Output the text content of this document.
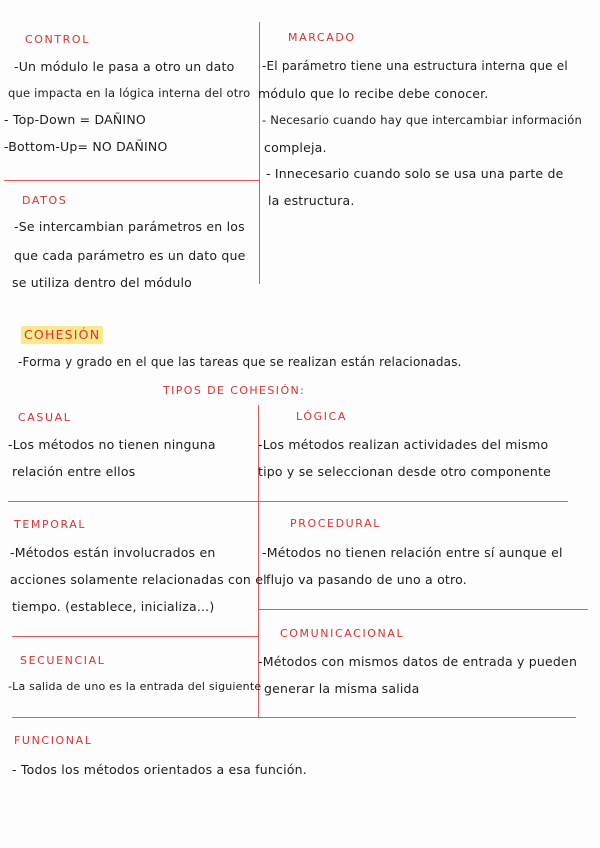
CONTROL
-Un módulo le pasa a otro un dato
que impacta en la lógica interna del otro
- Top-Down = DAÑINO
-Bottom-Up= NO DAÑINO
MARCADO
-El parámetro tiene una estructura interna que el
módulo que lo recibe debe conocer.
- Necesario cuando hay que intercambiar información
compleja.
- Innecesario cuando solo se usa una parte de
la estructura.
DATOS
-Se intercambian parámetros en los
que cada parámetro es un dato que
se utiliza dentro del módulo
COHESIÓN
-Forma y grado en el que las tareas que se realizan están relacionadas.
TIPOS DE COHESIÓN:
CASUAL
-Los métodos no tienen ninguna
relación entre ellos
LÓGICA
-Los métodos realizan actividades del mismo
tipo y se seleccionan desde otro componente
TEMPORAL
-Métodos están involucrados en
acciones solamente relacionadas con el
tiempo. (establece, inicializa...)
PROCEDURAL
-Métodos no tienen relación entre sí aunque el
flujo va pasando de uno a otro.
COMUNICACIONAL
-Métodos con mismos datos de entrada y pueden
generar la misma salida
SECUENCIAL
-La salida de uno es la entrada del siguiente
FUNCIONAL
- Todos los métodos orientados a esa función.
